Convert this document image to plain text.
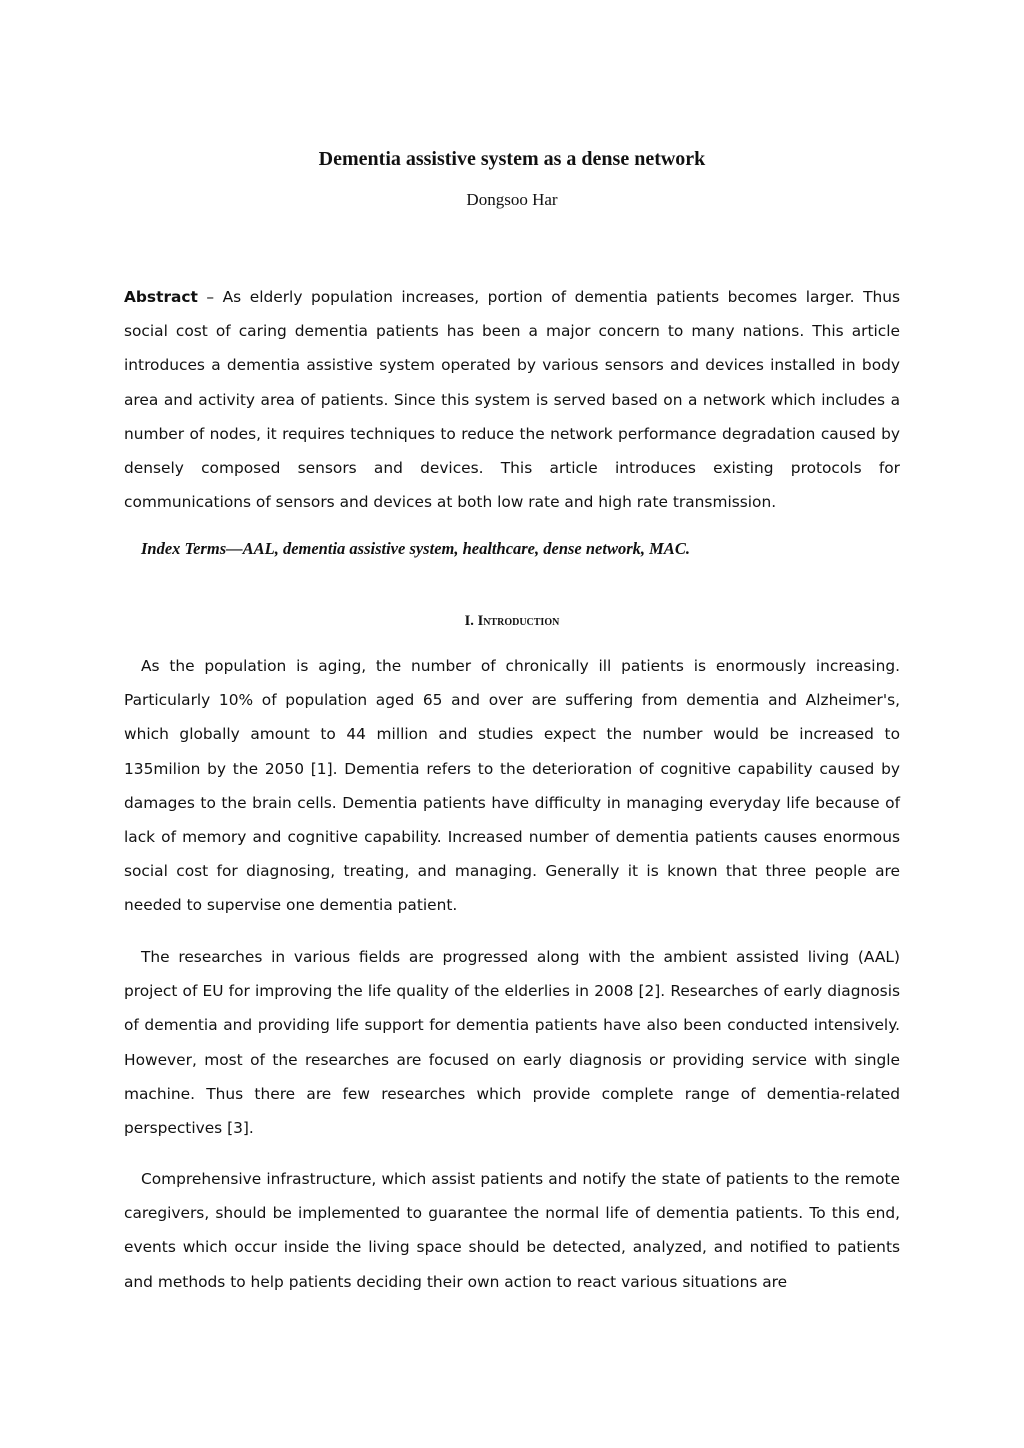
Dementia assistive system as a dense network

Dongsoo Har

Abstract – As elderly population increases, portion of dementia patients becomes larger. Thus social cost of caring dementia patients has been a major concern to many nations. This article introduces a dementia assistive system operated by various sensors and devices installed in body area and activity area of patients. Since this system is served based on a network which includes a number of nodes, it requires techniques to reduce the network performance degradation caused by densely composed sensors and devices. This article introduces existing protocols for communications of sensors and devices at both low rate and high rate transmission.

Index Terms—AAL, dementia assistive system, healthcare, dense network, MAC.

I. Introduction

As the population is aging, the number of chronically ill patients is enormously increasing. Particularly 10% of population aged 65 and over are suffering from dementia and Alzheimer's, which globally amount to 44 million and studies expect the number would be increased to 135milion by the 2050 [1]. Dementia refers to the deterioration of cognitive capability caused by damages to the brain cells. Dementia patients have difficulty in managing everyday life because of lack of memory and cognitive capability. Increased number of dementia patients causes enormous social cost for diagnosing, treating, and managing. Generally it is known that three people are needed to supervise one dementia patient.

The researches in various fields are progressed along with the ambient assisted living (AAL) project of EU for improving the life quality of the elderlies in 2008 [2]. Researches of early diagnosis of dementia and providing life support for dementia patients have also been conducted intensively. However, most of the researches are focused on early diagnosis or providing service with single machine. Thus there are few researches which provide complete range of dementia-related perspectives [3].

Comprehensive infrastructure, which assist patients and notify the state of patients to the remote caregivers, should be implemented to guarantee the normal life of dementia patients. To this end, events which occur inside the living space should be detected, analyzed, and notified to patients and methods to help patients deciding their own action to react various situations are
